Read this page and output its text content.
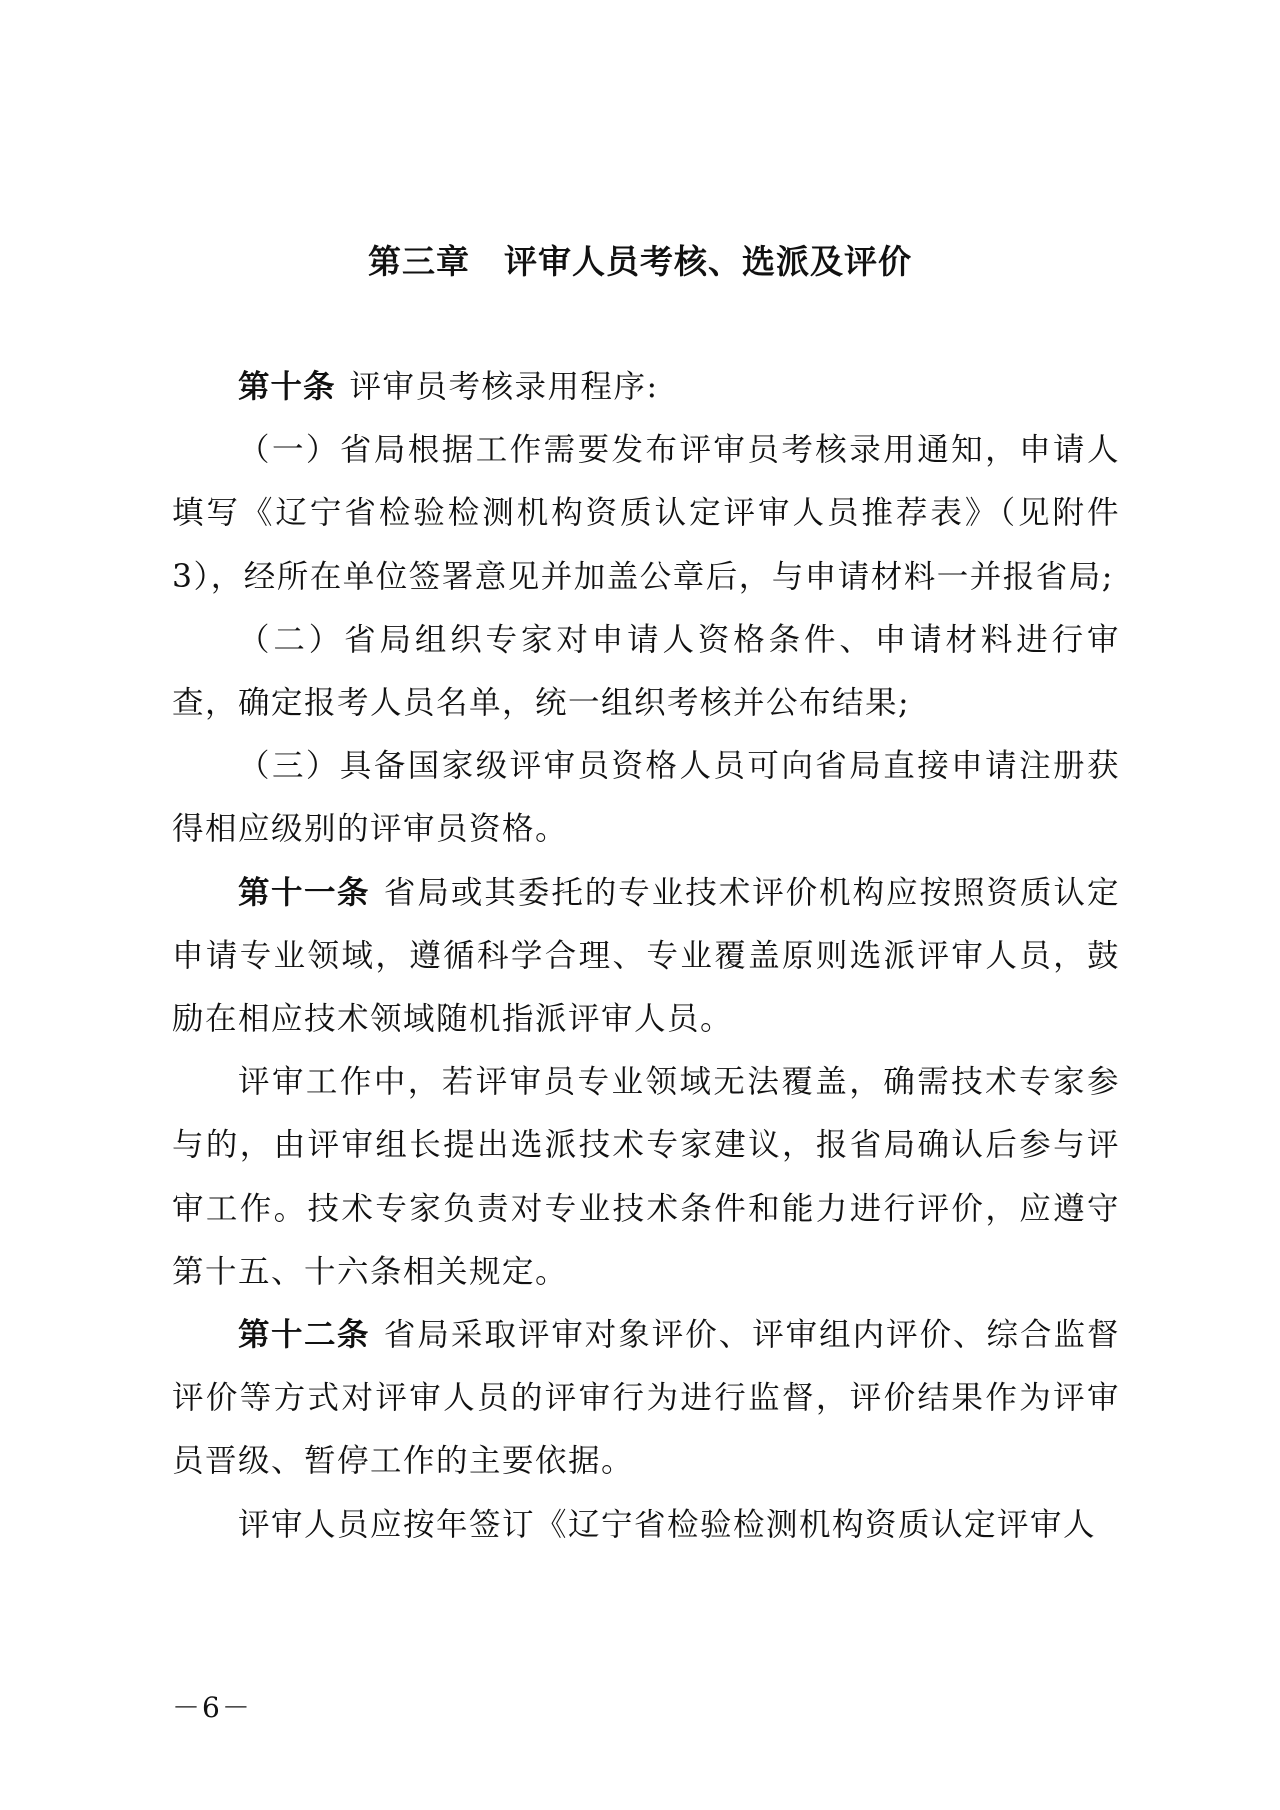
第三章　评审人员考核、选派及评价

第十条 评审员考核录用程序:

（一）省局根据工作需要发布评审员考核录用通知，申请人填写《辽宁省检验检测机构资质认定评审人员推荐表》（见附件3），经所在单位签署意见并加盖公章后，与申请材料一并报省局;

（二）省局组织专家对申请人资格条件、申请材料进行审查，确定报考人员名单，统一组织考核并公布结果;

（三）具备国家级评审员资格人员可向省局直接申请注册获得相应级别的评审员资格。

第十一条 省局或其委托的专业技术评价机构应按照资质认定申请专业领域，遵循科学合理、专业覆盖原则选派评审人员，鼓励在相应技术领域随机指派评审人员。

评审工作中，若评审员专业领域无法覆盖，确需技术专家参与的，由评审组长提出选派技术专家建议，报省局确认后参与评审工作。技术专家负责对专业技术条件和能力进行评价，应遵守第十五、十六条相关规定。

第十二条 省局采取评审对象评价、评审组内评价、综合监督评价等方式对评审人员的评审行为进行监督，评价结果作为评审员晋级、暂停工作的主要依据。

评审人员应按年签订《辽宁省检验检测机构资质认定评审人

－6－
